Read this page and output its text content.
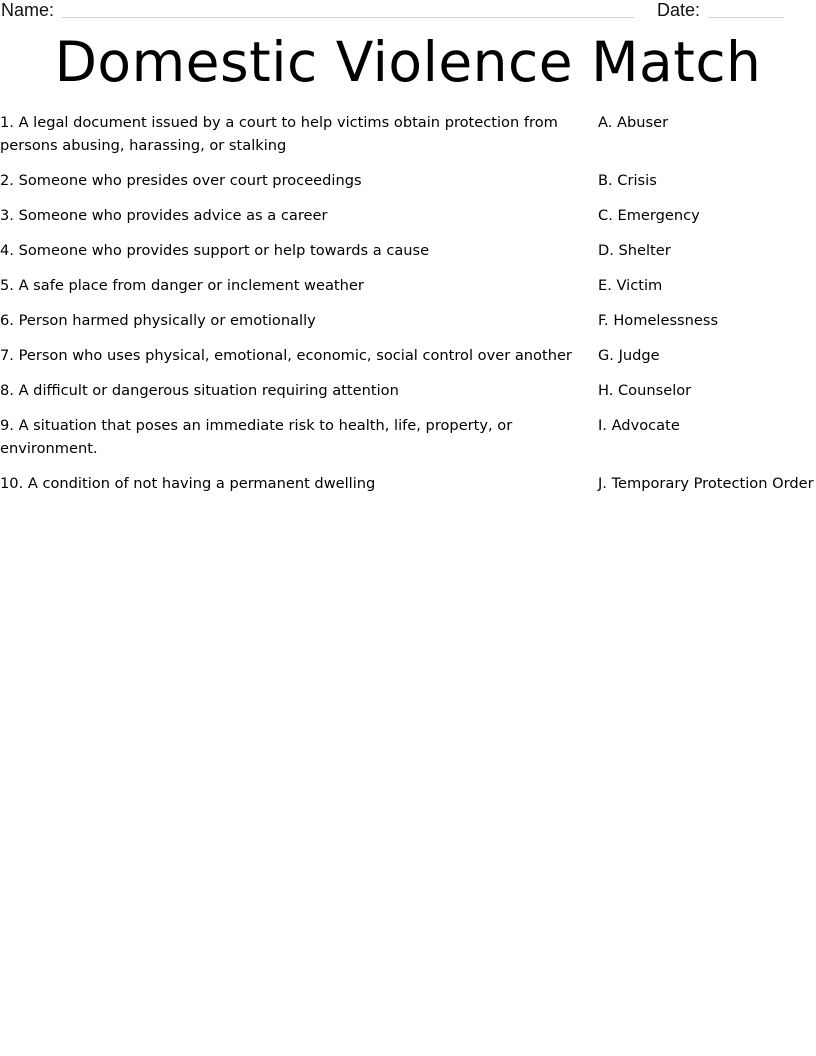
Name:	Date:
Domestic Violence Match
1. A legal document issued by a court to help victims obtain protection from persons abusing, harassing, or stalking
2. Someone who presides over court proceedings
3. Someone who provides advice as a career
4. Someone who provides support or help towards a cause
5. A safe place from danger or inclement weather
6. Person harmed physically or emotionally
7. Person who uses physical, emotional, economic, social control over another
8. A difficult or dangerous situation requiring attention
9. A situation that poses an immediate risk to health, life, property, or environment.
10. A condition of not having a permanent dwelling
A. Abuser
B. Crisis
C. Emergency
D. Shelter
E. Victim
F. Homelessness
G. Judge
H. Counselor
I. Advocate
J. Temporary Protection Order
